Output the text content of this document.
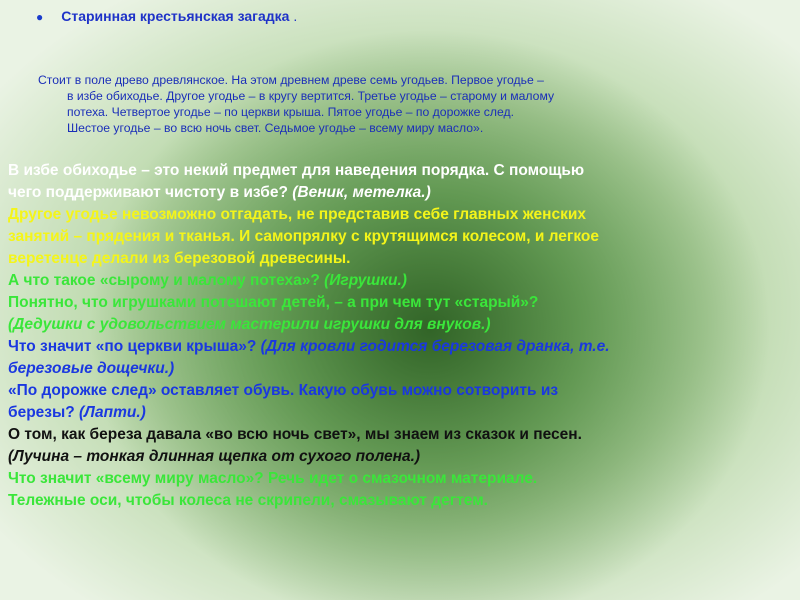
● Старинная крестьянская загадка .
Стоит в поле древо древлянское. На этом древнем древе семь угодьев. Первое угодье –
в избе обиходье. Другое угодье – в кругу вертится. Третье угодье – старому и малому
потеха. Четвертое угодье – по церкви крыша. Пятое угодье – по дорожке след.
Шестое угодье – во всю ночь свет. Седьмое угодье – всему миру масло».
В избе обиходье – это некий предмет для наведения порядка. С помощью
чего поддерживают чистоту в избе? (Веник, метелка.)
Другое угодье невозможно отгадать, не представив себе главных женских
занятий – прядения и тканья. И самопрялку с крутящимся колесом, и легкое
веретенце делали из березовой древесины.
А что такое «сырому и малому потеха»? (Игрушки.)
Понятно, что игрушками потешают детей, – а при чем тут «старый»?
(Дедушки с удовольствием мастерили игрушки для внуков.)
Что значит «по церкви крыша»? (Для кровли годится березовая дранка, т.е.
березовые дощечки.)
«По дорожке след» оставляет обувь. Какую обувь можно сотворить из
березы? (Лапти.)
О том, как береза давала «во всю ночь свет», мы знаем из сказок и песен.
(Лучина – тонкая длинная щепка от сухого полена.)
Что значит «всему миру масло»? Речь идет о смазочном материале.
Тележные оси, чтобы колеса не скрипели, смазывают дегтем.
